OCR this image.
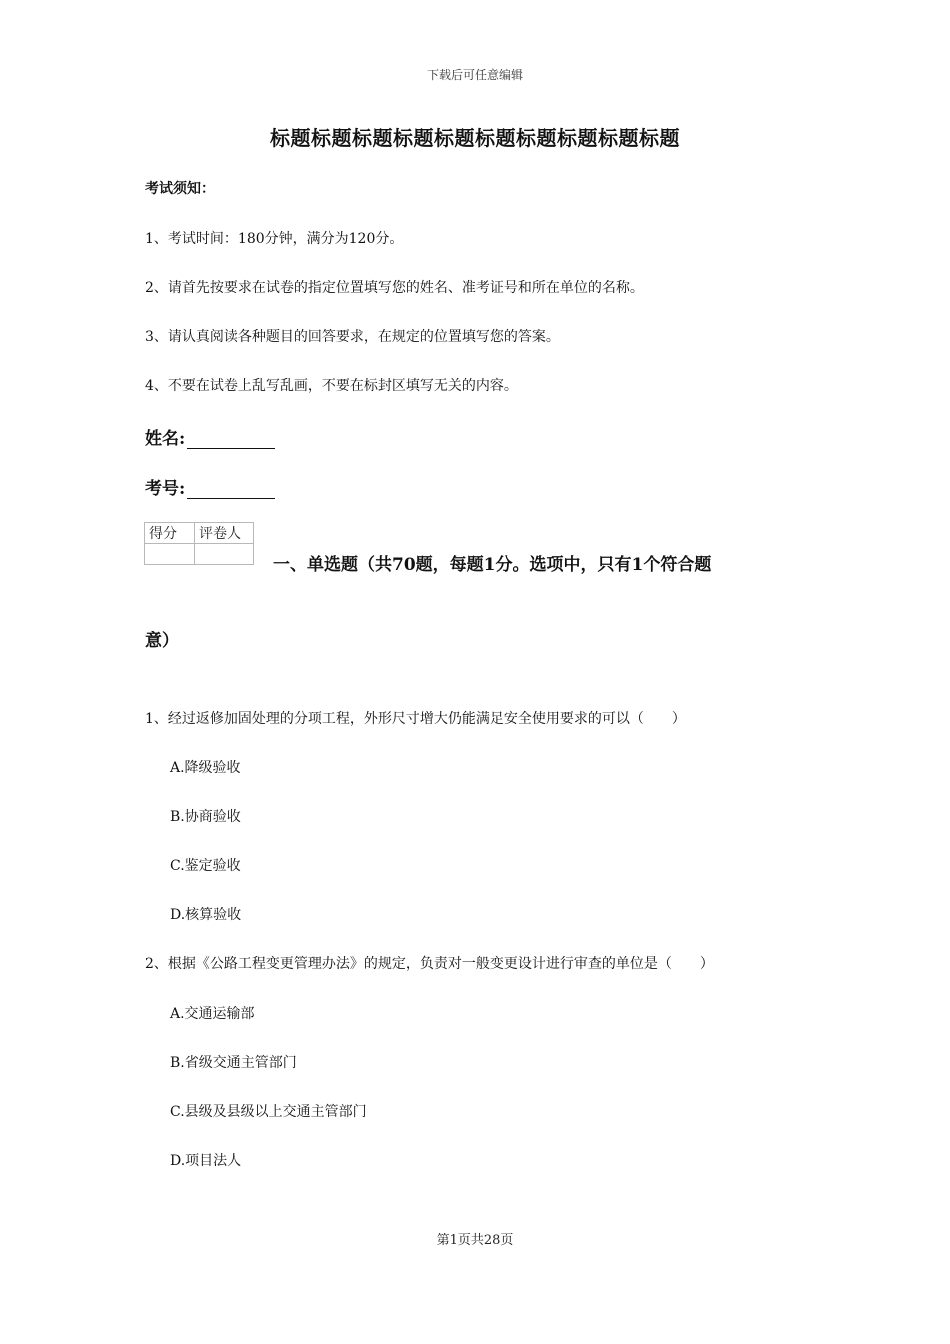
下载后可任意编辑
标题标题标题标题标题标题标题标题标题标题
考试须知：
1、考试时间：180分钟，满分为120分。
2、请首先按要求在试卷的指定位置填写您的姓名、准考证号和所在单位的名称。
3、请认真阅读各种题目的回答要求，在规定的位置填写您的答案。
4、不要在试卷上乱写乱画，不要在标封区填写无关的内容。
姓名:
考号:
得分	评卷人

一、单选题（共70题，每题1分。选项中，只有1个符合题
意）
1、经过返修加固处理的分项工程，外形尺寸增大仍能满足安全使用要求的可以（　　）
A.降级验收
B.协商验收
C.鉴定验收
D.核算验收
2、根据《公路工程变更管理办法》的规定，负责对一般变更设计进行审查的单位是（　　）
A.交通运输部
B.省级交通主管部门
C.县级及县级以上交通主管部门
D.项目法人
第1页共28页
